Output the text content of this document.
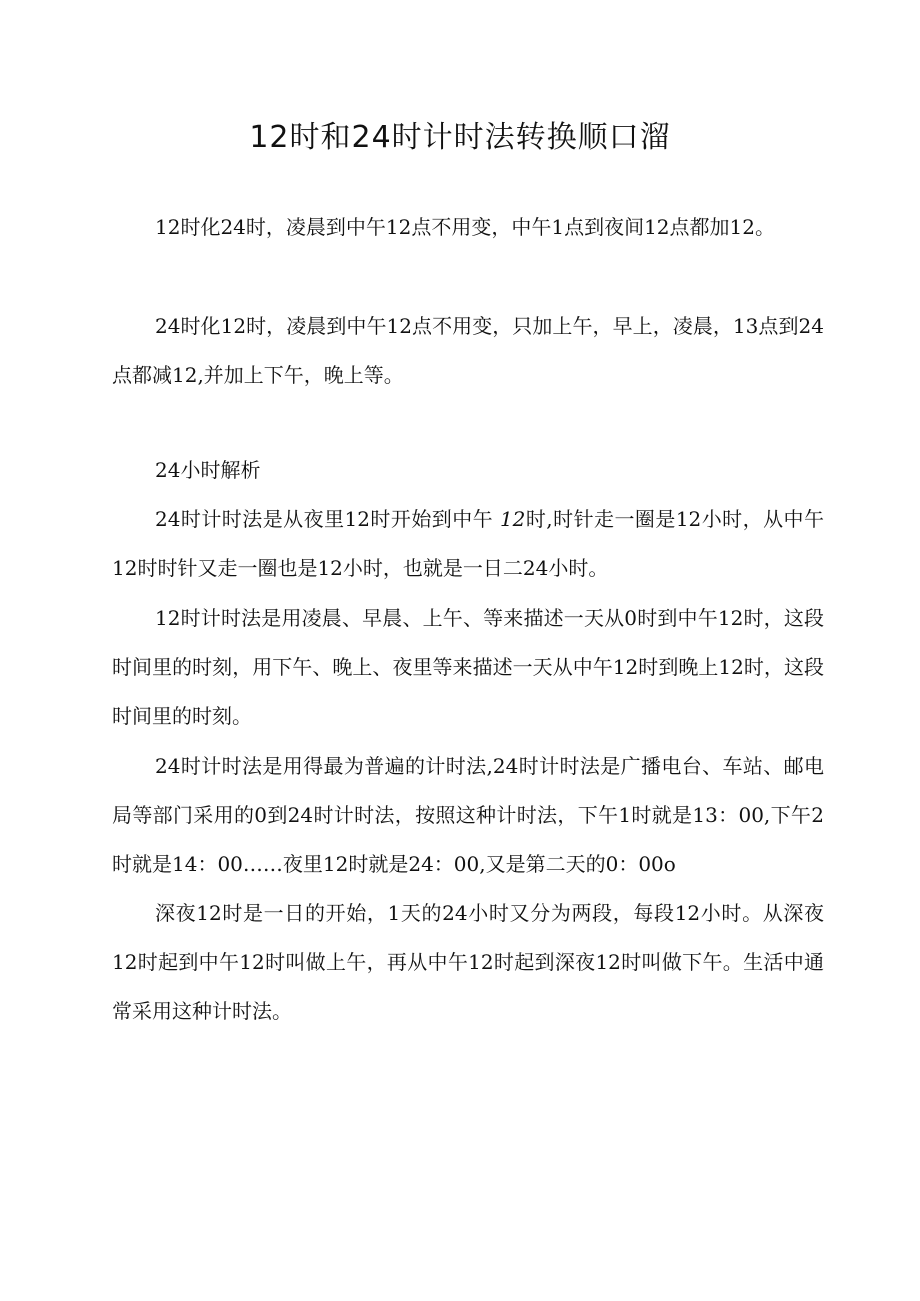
12时和24时计时法转换顺口溜

12时化24时，凌晨到中午12点不用变，中午1点到夜间12点都加12。

24时化12时，凌晨到中午12点不用变，只加上午，早上，凌晨，13点到24点都减12,并加上下午，晚上等。

24小时解析

24时计时法是从夜里12时开始到中午 12时,时针走一圈是12小时，从中午12时时针又走一圈也是12小时，也就是一日二24小时。

12时计时法是用凌晨、早晨、上午、等来描述一天从0时到中午12时，这段时间里的时刻，用下午、晚上、夜里等来描述一天从中午12时到晚上12时，这段时间里的时刻。

24时计时法是用得最为普遍的计时法,24时计时法是广播电台、车站、邮电局等部门采用的0到24时计时法，按照这种计时法，下午1时就是13：00,下午2时就是14：00……夜里12时就是24：00,又是第二天的0：00o

深夜12时是一日的开始，1天的24小时又分为两段，每段12小时。从深夜12时起到中午12时叫做上午，再从中午12时起到深夜12时叫做下午。生活中通常采用这种计时法。
